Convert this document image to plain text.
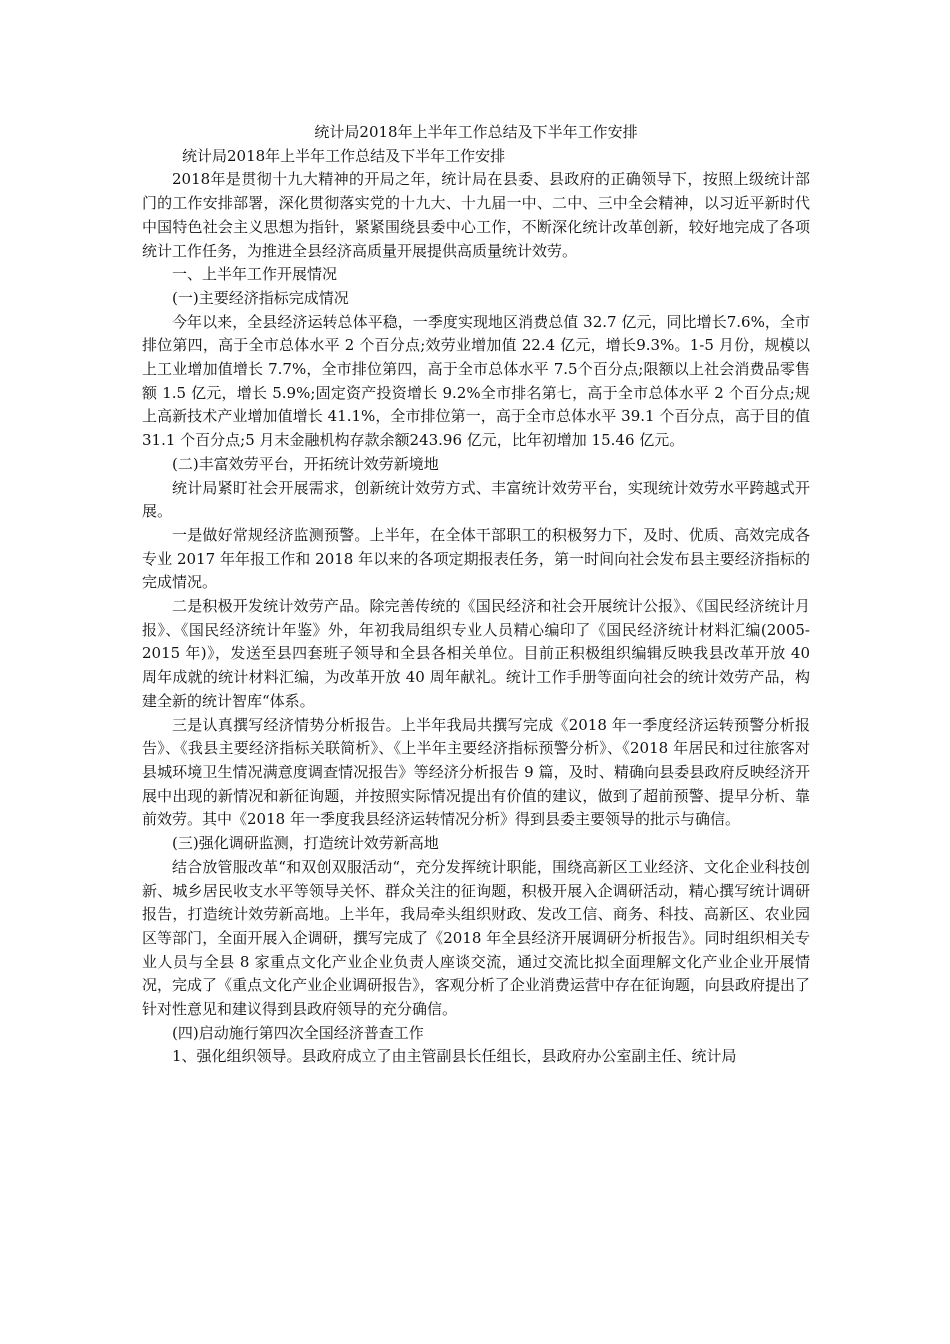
统计局2018年上半年工作总结及下半年工作安排
统计局2018年上半年工作总结及下半年工作安排

2018年是贯彻十九大精神的开局之年，统计局在县委、县政府的正确领导下，按照上级统计部门的工作安排部署，深化贯彻落实党的十九大、十九届一中、二中、三中全会精神，以习近平新时代中国特色社会主义思想为指针，紧紧围绕县委中心工作，不断深化统计改革创新，较好地完成了各项统计工作任务，为推进全县经济高质量开展提供高质量统计效劳。

一、上半年工作开展情况

(一)主要经济指标完成情况

今年以来，全县经济运转总体平稳，一季度实现地区消费总值 32.7 亿元，同比增长7.6%，全市排位第四，高于全市总体水平 2 个百分点;效劳业增加值 22.4 亿元，增长9.3%。1-5 月份，规模以上工业增加值增长 7.7%，全市排位第四，高于全市总体水平 7.5个百分点;限额以上社会消费品零售额 1.5 亿元，增长 5.9%;固定资产投资增长 9.2%全市排名第七，高于全市总体水平 2 个百分点;规上高新技术产业增加值增长 41.1%，全市排位第一，高于全市总体水平 39.1 个百分点，高于目的值 31.1 个百分点;5 月末金融机构存款余额243.96 亿元，比年初增加 15.46 亿元。

(二)丰富效劳平台，开拓统计效劳新境地

统计局紧盯社会开展需求，创新统计效劳方式、丰富统计效劳平台，实现统计效劳水平跨越式开展。

一是做好常规经济监测预警。上半年，在全体干部职工的积极努力下，及时、优质、高效完成各专业 2017 年年报工作和 2018 年以来的各项定期报表任务，第一时间向社会发布县主要经济指标的完成情况。

二是积极开发统计效劳产品。除完善传统的《国民经济和社会开展统计公报》、《国民经济统计月报》、《国民经济统计年鉴》外，年初我局组织专业人员精心编印了《国民经济统计材料汇编(2005-2015 年)》，发送至县四套班子领导和全县各相关单位。目前正积极组织编辑反映我县改革开放 40 周年成就的统计材料汇编，为改革开放 40 周年献礼。统计工作手册等面向社会的统计效劳产品，构建全新的统计智库“体系。

三是认真撰写经济情势分析报告。上半年我局共撰写完成《2018 年一季度经济运转预警分析报告》、《我县主要经济指标关联简析》、《上半年主要经济指标预警分析》、《2018 年居民和过往旅客对县城环境卫生情况满意度调查情况报告》等经济分析报告 9 篇，及时、精确向县委县政府反映经济开展中出现的新情况和新征询题，并按照实际情况提出有价值的建议，做到了超前预警、提早分析、靠前效劳。其中《2018 年一季度我县经济运转情况分析》得到县委主要领导的批示与确信。

(三)强化调研监测，打造统计效劳新高地

结合放管服改革“和双创双服活动“，充分发挥统计职能，围绕高新区工业经济、文化企业科技创新、城乡居民收支水平等领导关怀、群众关注的征询题，积极开展入企调研活动，精心撰写统计调研报告，打造统计效劳新高地。上半年，我局牵头组织财政、发改工信、商务、科技、高新区、农业园区等部门，全面开展入企调研，撰写完成了《2018 年全县经济开展调研分析报告》。同时组织相关专业人员与全县 8 家重点文化产业企业负责人座谈交流，通过交流比拟全面理解文化产业企业开展情况，完成了《重点文化产业企业调研报告》，客观分析了企业消费运营中存在征询题，向县政府提出了针对性意见和建议得到县政府领导的充分确信。

(四)启动施行第四次全国经济普查工作

1、强化组织领导。县政府成立了由主管副县长任组长，县政府办公室副主任、统计局
